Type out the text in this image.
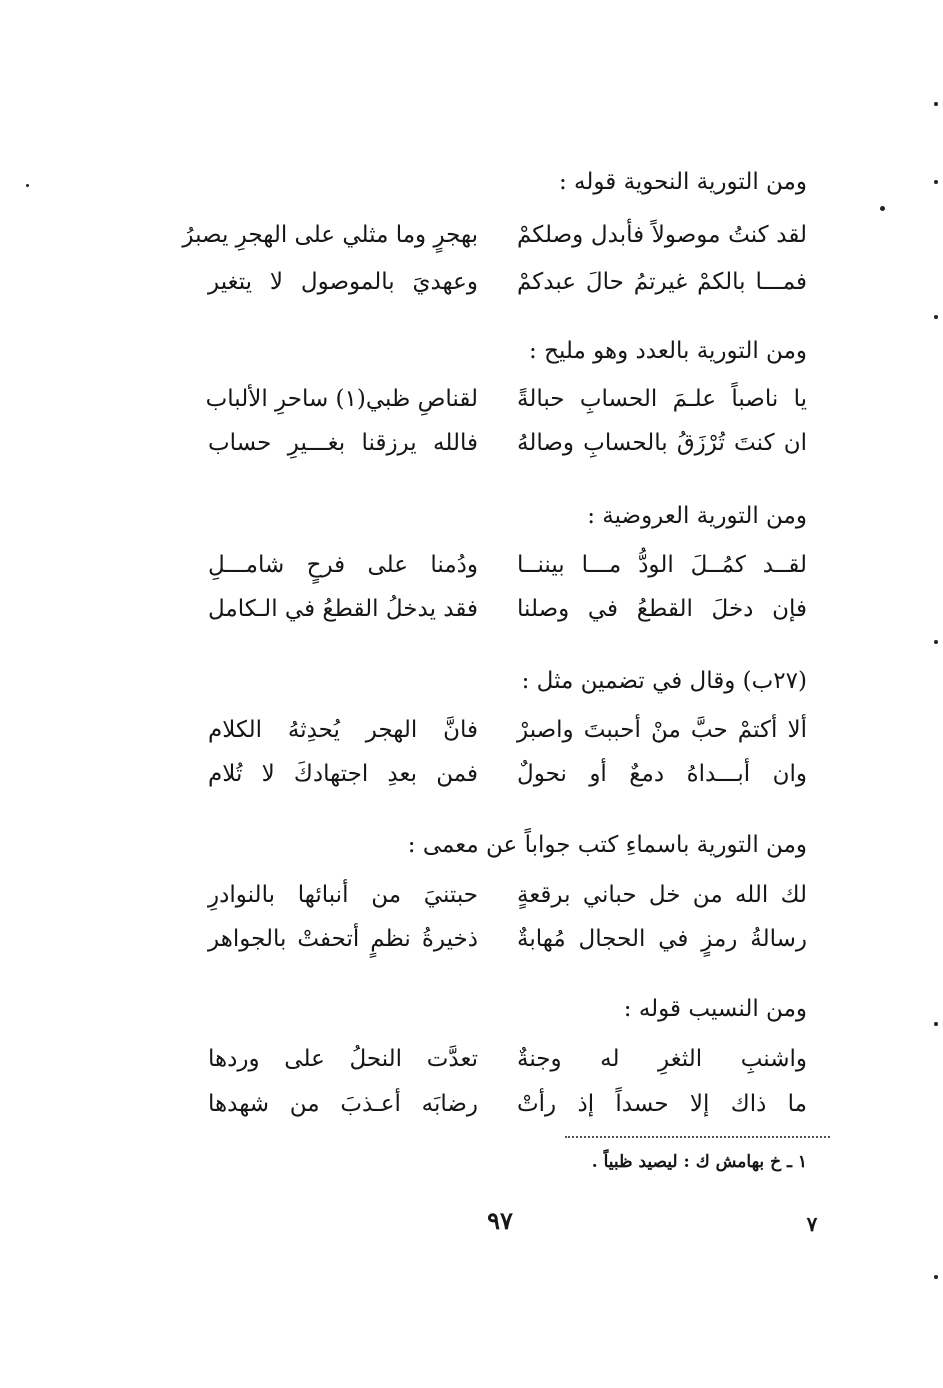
ومن التورية النحوية قوله :
لقد كنتُ موصولاً فأبدل وصلكمْ
بهجرٍ وما مثلي على الهجرِ يصبرُ
فمـــا بالكمْ غيرتمُ حالَ عبدكمْ
وعهديَ بالموصول لا يتغير
ومن التورية بالعدد وهو مليح :
يا ناصباً علـمَ الحسابِ حبالةً
لقناصِ ظبي(١) ساحرِ الألباب
ان كنتَ تُرْزَقُ بالحسابِ وصالهُ
فالله يرزقنا بغـــيرِ حساب
ومن التورية العروضية :
لقــد كمُــلَ الودُّ مـــا بيننــا
ودُمنا على فرحٍ شامـــلِ
فإن دخلَ القطعُ في وصلنا
فقد يدخلُ القطعُ في الـكامل
(٢٧ب) وقال في تضمين مثل :
ألا أكتمْ حبَّ منْ أحببتَ واصبرْ
فانَّ الهجر يُحدِثهُ الكلام
وان أبـــداهُ دمعٌ أو نحولٌ
فمن بعدِ اجتهادكَ لا تُلام
ومن التورية باسماءِ كتب جواباً عن معمى :
لك الله من خل حباني برقعةٍ
حبتنيَ من أنبائها بالنوادرِ
رسالةُ رمزٍ في الحجال مُهابةٌ
ذخيرةُ نظمٍ أتحفتْ بالجواهر
ومن النسيب قوله :
واشنبِ الثغرِ له وجنةٌ
تعدَّت النحلُ على وردها
ما ذاك إلا حسداً إذ رأتْ
رضابَه أعـذبَ من شهدها
١ ـ خ بهامش ك : ليصيد ظبياً .
٩٧	٧
